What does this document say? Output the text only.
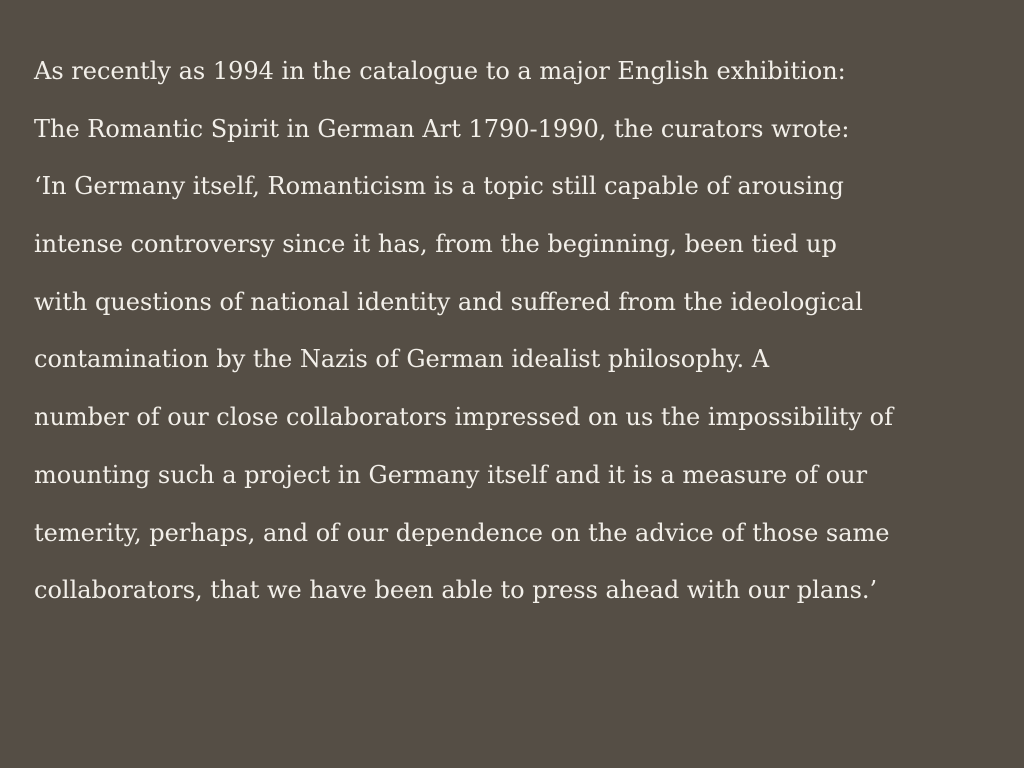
As recently as 1994 in the catalogue to a major English exhibition:
The Romantic Spirit in German Art 1790-1990, the curators wrote:
‘In Germany itself, Romanticism is a topic still capable of arousing
intense controversy since it has, from the beginning, been tied up
with questions of national identity and suffered from the ideological
contamination by the Nazis of German idealist philosophy. A
number of our close collaborators impressed on us the impossibility of
mounting such a project in Germany itself and it is a measure of our
temerity, perhaps, and of our dependence on the advice of those same
collaborators, that we have been able to press ahead with our plans.’
